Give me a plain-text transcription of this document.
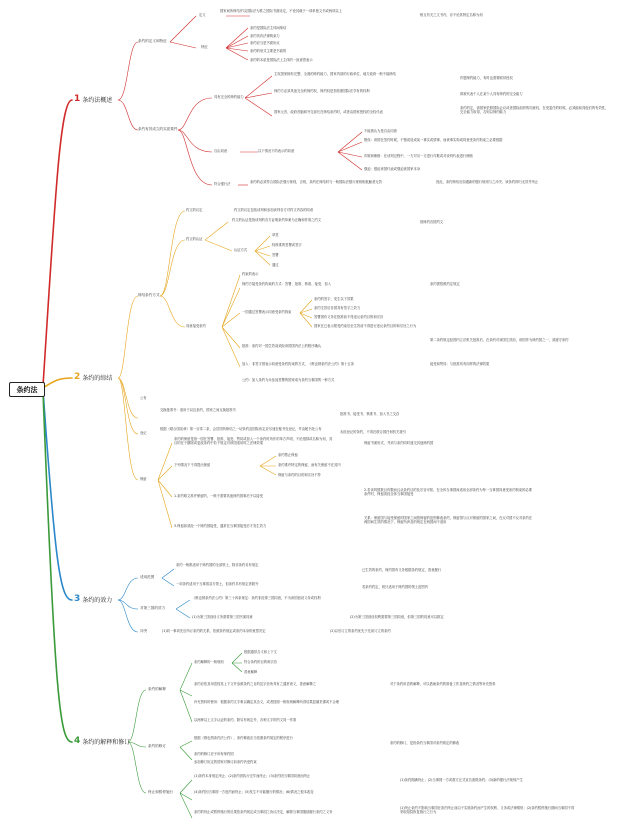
条约法
1 条约法概述
2 条约的缔结
3 条约的效力
4 条约的解释和修订
条约的定义和特征
定义
国家间所缔结并以国际法为准之国际书面协定，不论其载于一项单独文书或两项以上
相互有关之文书内，亦不论其特定名称为何
特征
条约是国际法主体间缔结
条约具有法律拘束力
条约应当是书面协议
条约的形式主要是书面的
条约的本质是国际法上主体的一致意思表示
条约有效成立的实质要件
具有完全的缔约能力
主权国家拥有完整、全面的缔约能力，国家内部的行政单位、地方政府一般不能缔结
缔约方必须具备完全的缔约权，缔约权是指依照国际法享有的权利
国家元首、政府首脑和外交部长在缔结条约时，或者由国家授权的全权代表
作题缔约能力，有时也需要联邦授权
即被代表个人在某个人具有缔约的完全能力
条约约定，请国家依照国际会议或者国际组织的同意权，在受委任的时候，必须能取得他们的有效性，完全能力取得，否则以缔约能力
自由同意	以下情况下的表示的同意
不能被认为是自由同意
错误：该国在签约时候，不错误造成某一事实或情事，而该事实构成同意受条约拘束之必要根据
诈欺和贿赂：在谈判过程中，一方对另一方进行诈欺或对谈判代表进行贿赂
强迫：强迫该国代表或强迫该国家本身
符合强行法	条约的必须符合国际法强行规则，否则，条约在缔结时与一般国际法强行规则相抵触者无效	因此，条约缔结后如遇新的强行规则与之冲突，该条约即归无效并终止
缔结条约方式
约文的议定	约文的议定包括谈判和参加谈判各方对约文内容的同意
约文的认证
约文的认证是指谈判的各方证明条约草案为正确和作准之约文	指缔约各国约文
认证方式
草签
待核准的签署或签字
签署
通过
同意接受条约
约束的表示
缔约方接受条约拘束的方式：签署、批准、核准、接受、加入
一国通过签署表示同意受条约拘束
批准：条约对一国生效前须经该国国内法上的程序确认
条约需按照约定规定
第二条约规定经国内立法机关批准后，在条约对该国生效前，该国作为缔约国之一，须遵守条约
接受和赞同：与批准具有同样的法律效果
条约的签字，发生以下效果
条约生效后各国具有签字之效力
签署国有义务在批准前不得违反条约目的和宗旨
国家在已表示愿受约束后至生效前不得进行违反条约目的和宗旨之行为
加入：非签字国表示同意受条约拘束的方式，《维也纳条约法公约》第十五条
公约：加入条约为未参加签署的国家成为条约当事国的一种方式
交换批准书：适用于双边条约，国家之间互换批准书
批准书、接受书、核准书、加入书之交存
登记
根据《联合国宪章》第一百零二条，会员国所缔结之一切条约及国际协定应尽速在秘书处登记，并由秘书处公布
未经登记的条约，不得在联合国任何机关援引
公布
保留
条约的保留是指一国在签署、批准、接受、赞同或加入一个条约时所作的单方声明，不论措辞或名称为何，其目的在于摒除或更改条约中若干规定对该国适用时之法律效果	保留书面形式，并须与条约同时递交其他缔约国
下列情况下不得提出保留
条约禁止保留
条约准许特定的保留，而有关保留不在其内
保留与条约的目的和宗旨不符
1.条约明文准许保留的，一般不需要其他缔约国事后予以接受
2.若谈判国数目有限而且从条约目的及宗旨可知，在全体当事国间适用全部条约为每一当事国同意受条约拘束的必要条件时，保留须经全体当事国接受
3.保留如须经一个缔约国接受，通常在当事国接受后才发生效力
关系：保留国与接受保留的国家之间按保留的范围修改条约，保留国与反对保留的国家之间，在反对国不反对条约在两国间生效的情况下，保留所涉及的规定在两国间不适用
适用范围
条约一般都适用于缔约国的全部领土，除非条约另有规定
一项条约适用于当事国双方领土，但条约另有规定者除外
已生效的条约，缔约国有义务根据条约规定，善意履行
若条约约定，则只适用于缔约国的领土范围内
对第三国的效力
《维也纳条约法公约》第三十四条规定：条约非经第三国同意，不为该国创设义务或权利
(1)为第三国创设义务需要第三国书面同意	(2)为第三国创设权利需要第三国同意，但第三国的同意可以推定
冲突	(1)同一事项先后所订条约的关系，依照条约规定或条约本身的意思决定	(2)以后订立的条约优先于先前订立的条约
条约的解释
条约解释的一般规则
根据通常含义和上下文
符合条约的目的和宗旨
善意解释
条约应依其用语按其上下文并参照条约之目的及宗旨所具有之通常意义，善意解释之	对于条约用语的解释，可以借助条约的准备工作及缔约之情况等补充资料
补充资料的使用：根据条约文字难以确定其含义，或者按照一般规则解释所得结果显属荒谬或不合理
以两种以上文字认证的条约，除另有规定外，各种文字的约文同一作准
条约的修订
根据《维也纳条约法公约》，条约修改应当依照条约规定的程序进行
条约的修订，是指条约当事国对条约规定的修改
条约的修订应予所有缔约国
参加修订协定的国家对修订前条约仍受约束
终止和暂停施行
(1)条约本身规定终止；(2)条约因执行完毕而终止；(3)条约因当事国同意而终止
(4)条约因当事国一方违约而终止；(5)发生不可能履行的情况；(6)情况之根本改变
(1)条约期满终止；(2)当事国一方或数方正式宣告废除条约；(3)新的强行法规则产生
条约的终止或暂停施行的后果依条约规定或当事国之协议决定，解除当事国继续履行条约之义务
(1)终止条约不影响当事国在条约终止前由于实施条约而产生的权利、义务或法律情势；(2)条约暂停施行期间当事国不得采取阻挠恢复施行之行为
